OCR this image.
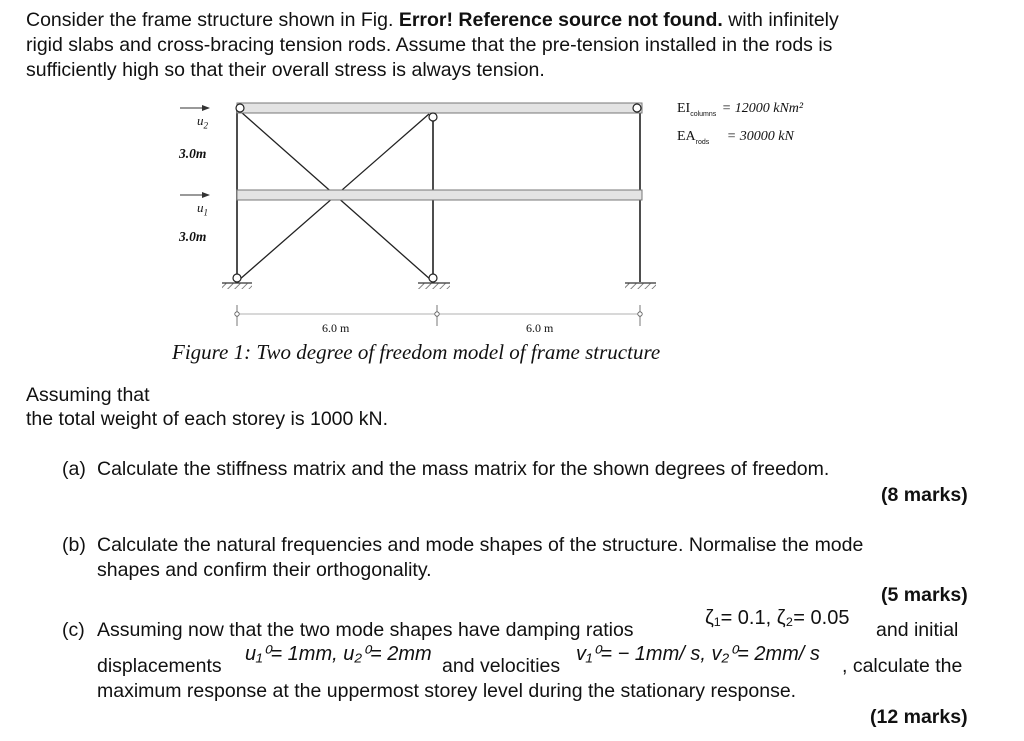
Consider the frame structure shown in Fig. Error! Reference source not found. with infinitely
rigid slabs and cross-bracing tension rods. Assume that the pre-tension installed in the rods is
sufficiently high so that their overall stress is always tension.
$u_2$
$u_1$
3.0m
3.0m
6.0 m	6.0 m
$EI_{columns} = 12000$ kNm²
$EA_{rods} = 30000$ kN
Figure 1: Two degree of freedom model of frame structure
Assuming that
the total weight of each storey is 1000 kN.
(a) Calculate the stiffness matrix and the mass matrix for the shown degrees of freedom.
(8 marks)
(b) Calculate the natural frequencies and mode shapes of the structure. Normalise the mode
shapes and confirm their orthogonality.
(5 marks)
(c) Assuming now that the two mode shapes have damping ratios
ζ₁= 0.1, ζ₂= 0.05
and initial
displacements
u₁⁰= 1mm, u₂⁰= 2mm
and velocities
v₁⁰= − 1mm/ s, v₂⁰= 2mm/ s
, calculate the
maximum response at the uppermost storey level during the stationary response.
(12 marks)
